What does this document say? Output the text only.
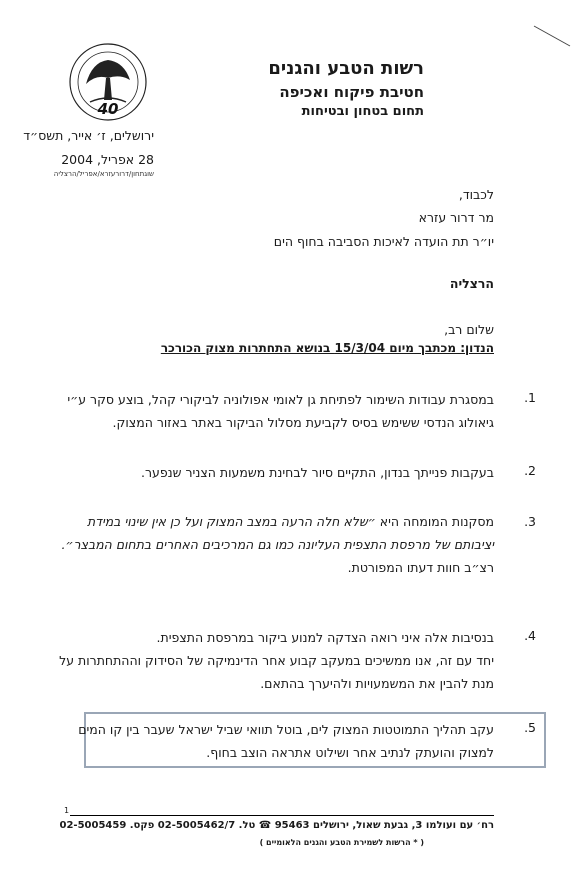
40
רשות הטבע והגנים
חטיבת פיקוח ואכיפה
תחום בטחון ובטיחות
ירושלים, ז׳ אייר, תשס״ד
28 אפריל, 2004
שוגתחון/דרורעזרא/אפריל/הרצליה
לכבוד,
מר דרור עזרא
יו״ר תת הועדה לאיכות הסביבה בחוף הים
הרצליה
שלום רב,
הנדון: מכתבך מיום 15/3/04 בנושא התחתרות מצוק הכורכר
.1
במסגרת עבודות השימור לפתיחת גן לאומי אפולוניה לביקורי קהל, בוצע סקר ע״י גיאולוג הנדסי ששימש בסיס לקביעת מסלול הביקור באתר באזור המצוק.
.2
בעקבות פנייתך בנדון, התקיים סיור לבחינת משמעות הצניר שנפער.
.3
מסקנות המומחה היא ״שלא חלה הרעה במצב המצוק ועל כן אין שינוי במידת יציבותם של מרפסת התצפית העליונה כמו גם המרכיבים האחרים בתחום המבצר״.
רצ״ב חוות דעתו המפורטת.
.4
בנסיבות אלה איני רואה הצדקה למנוע ביקור במרפסת התצפית.
יחד עם זה, אנו ממשיכים במעקב קבוע אחר הדינמיקה של הסידוק וההתחתרות על מנת להבין את המשמעויות ולהיערך בהתאם.
.5
עקב תהליך התמוטטות המצוק לים, בוטל תוואי שביל ישראל שעבר בין קו המים למצוק והועתק לנתיב אחר ושילוט אתראה הוצב בחוף.
1
רח׳ עם ועולמו 3, גבעת שאול, ירושלים 95463 ☎ טל. 02-5005462/7 פקס. 02-5005459
( * הרשות לשמירת הטבע והגנים הלאומיים )
